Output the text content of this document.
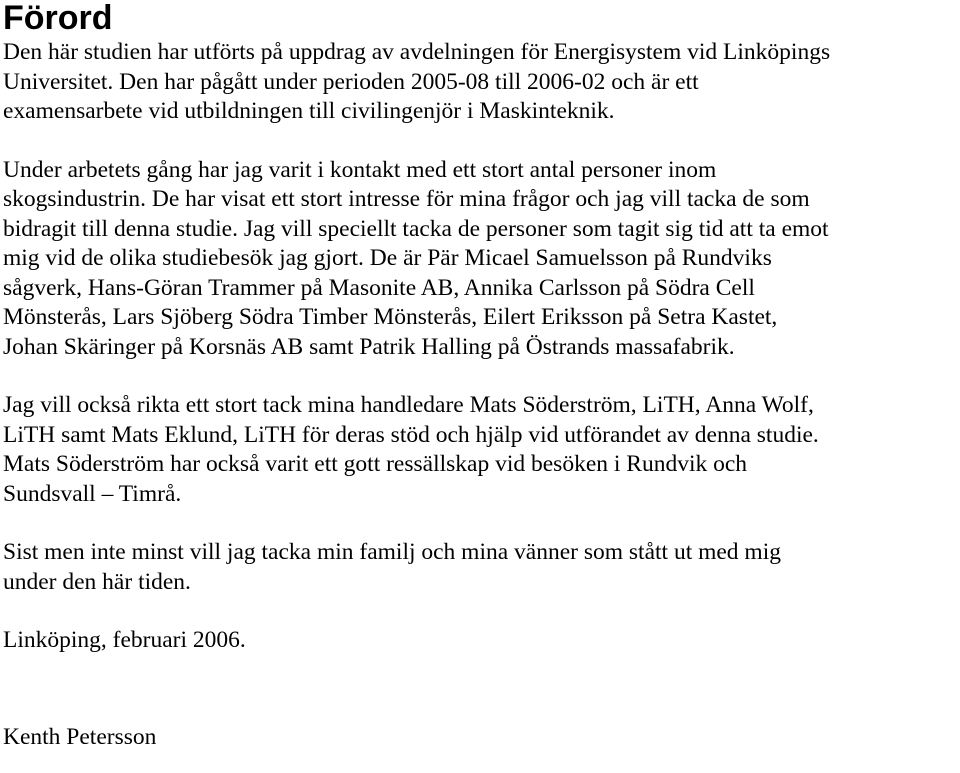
Förord

Den här studien har utförts på uppdrag av avdelningen för Energisystem vid Linköpings
Universitet. Den har pågått under perioden 2005-08 till 2006-02 och är ett
examensarbete vid utbildningen till civilingenjör i Maskinteknik.

Under arbetets gång har jag varit i kontakt med ett stort antal personer inom
skogsindustrin. De har visat ett stort intresse för mina frågor och jag vill tacka de som
bidragit till denna studie. Jag vill speciellt tacka de personer som tagit sig tid att ta emot
mig vid de olika studiebesök jag gjort. De är Pär Micael Samuelsson på Rundviks
sågverk, Hans-Göran Trammer på Masonite AB, Annika Carlsson på Södra Cell
Mönsterås, Lars Sjöberg Södra Timber Mönsterås, Eilert Eriksson på Setra Kastet,
Johan Skäringer på Korsnäs AB samt Patrik Halling på Östrands massafabrik.

Jag vill också rikta ett stort tack mina handledare Mats Söderström, LiTH, Anna Wolf,
LiTH samt Mats Eklund, LiTH för deras stöd och hjälp vid utförandet av denna studie.
Mats Söderström har också varit ett gott ressällskap vid besöken i Rundvik och
Sundsvall – Timrå.

Sist men inte minst vill jag tacka min familj och mina vänner som stått ut med mig
under den här tiden.

Linköping, februari 2006.

Kenth Petersson
